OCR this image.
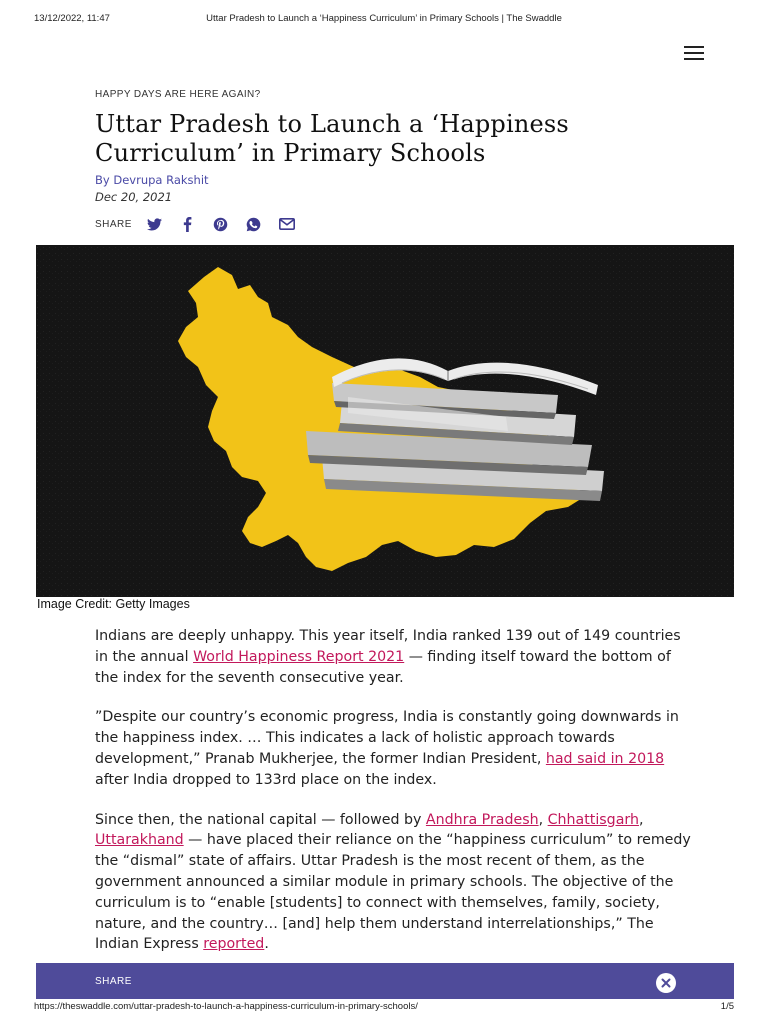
13/12/2022, 11:47	Uttar Pradesh to Launch a ‘Happiness Curriculum’ in Primary Schools | The Swaddle
HAPPY DAYS ARE HERE AGAIN?
Uttar Pradesh to Launch a ‘Happiness Curriculum’ in Primary Schools
By Devrupa Rakshit
Dec 20, 2021
SHARE
Image Credit: Getty Images

Indians are deeply unhappy. This year itself, India ranked 139 out of 149 countries in the annual World Happiness Report 2021 — finding itself toward the bottom of the index for the seventh consecutive year.

”Despite our country’s economic progress, India is constantly going downwards in the happiness index. … This indicates a lack of holistic approach towards development,” Pranab Mukherjee, the former Indian President, had said in 2018 after India dropped to 133rd place on the index.

Since then, the national capital — followed by Andhra Pradesh, Chhattisgarh, Uttarakhand — have placed their reliance on the “happiness curriculum” to remedy the “dismal” state of affairs. Uttar Pradesh is the most recent of them, as the government announced a similar module in primary schools. The objective of the curriculum is to “enable [students] to connect with themselves, family, society, nature, and the country… [and] help them understand interrelationships,” The Indian Express reported.

SHARE
https://theswaddle.com/uttar-pradesh-to-launch-a-happiness-curriculum-in-primary-schools/	1/5
